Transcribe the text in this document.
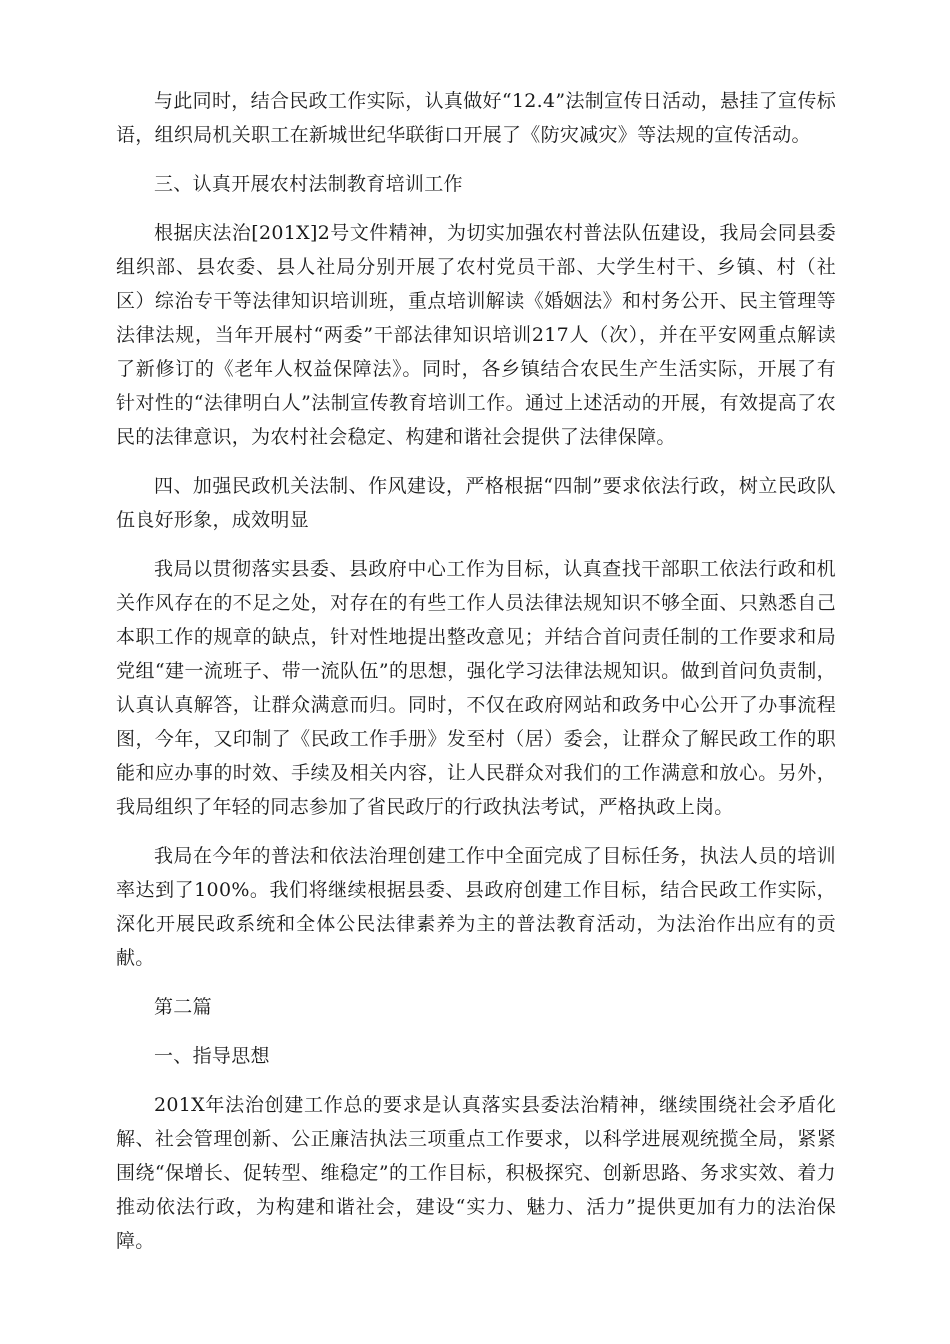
与此同时，结合民政工作实际，认真做好“12.4”法制宣传日活动，悬挂了宣传标语，组织局机关职工在新城世纪华联街口开展了《防灾减灾》等法规的宣传活动。

三、认真开展农村法制教育培训工作

根据庆法治[201X]2号文件精神，为切实加强农村普法队伍建设，我局会同县委组织部、县农委、县人社局分别开展了农村党员干部、大学生村干、乡镇、村（社区）综治专干等法律知识培训班，重点培训解读《婚姻法》和村务公开、民主管理等法律法规，当年开展村“两委”干部法律知识培训217人（次），并在平安网重点解读了新修订的《老年人权益保障法》。同时，各乡镇结合农民生产生活实际，开展了有针对性的“法律明白人”法制宣传教育培训工作。通过上述活动的开展，有效提高了农民的法律意识，为农村社会稳定、构建和谐社会提供了法律保障。

四、加强民政机关法制、作风建设，严格根据“四制”要求依法行政，树立民政队伍良好形象，成效明显

我局以贯彻落实县委、县政府中心工作为目标，认真查找干部职工依法行政和机关作风存在的不足之处，对存在的有些工作人员法律法规知识不够全面、只熟悉自己本职工作的规章的缺点，针对性地提出整改意见；并结合首问责任制的工作要求和局党组“建一流班子、带一流队伍”的思想，强化学习法律法规知识。做到首问负责制，认真认真解答，让群众满意而归。同时，不仅在政府网站和政务中心公开了办事流程图，今年，又印制了《民政工作手册》发至村（居）委会，让群众了解民政工作的职能和应办事的时效、手续及相关内容，让人民群众对我们的工作满意和放心。另外，我局组织了年轻的同志参加了省民政厅的行政执法考试，严格执政上岗。

我局在今年的普法和依法治理创建工作中全面完成了目标任务，执法人员的培训率达到了100%。我们将继续根据县委、县政府创建工作目标，结合民政工作实际，深化开展民政系统和全体公民法律素养为主的普法教育活动，为法治作出应有的贡献。

第二篇

一、指导思想

201X年法治创建工作总的要求是认真落实县委法治精神，继续围绕社会矛盾化解、社会管理创新、公正廉洁执法三项重点工作要求，以科学进展观统揽全局，紧紧围绕“保增长、促转型、维稳定”的工作目标，积极探究、创新思路、务求实效、着力推动依法行政，为构建和谐社会，建设“实力、魅力、活力”提供更加有力的法治保障。
